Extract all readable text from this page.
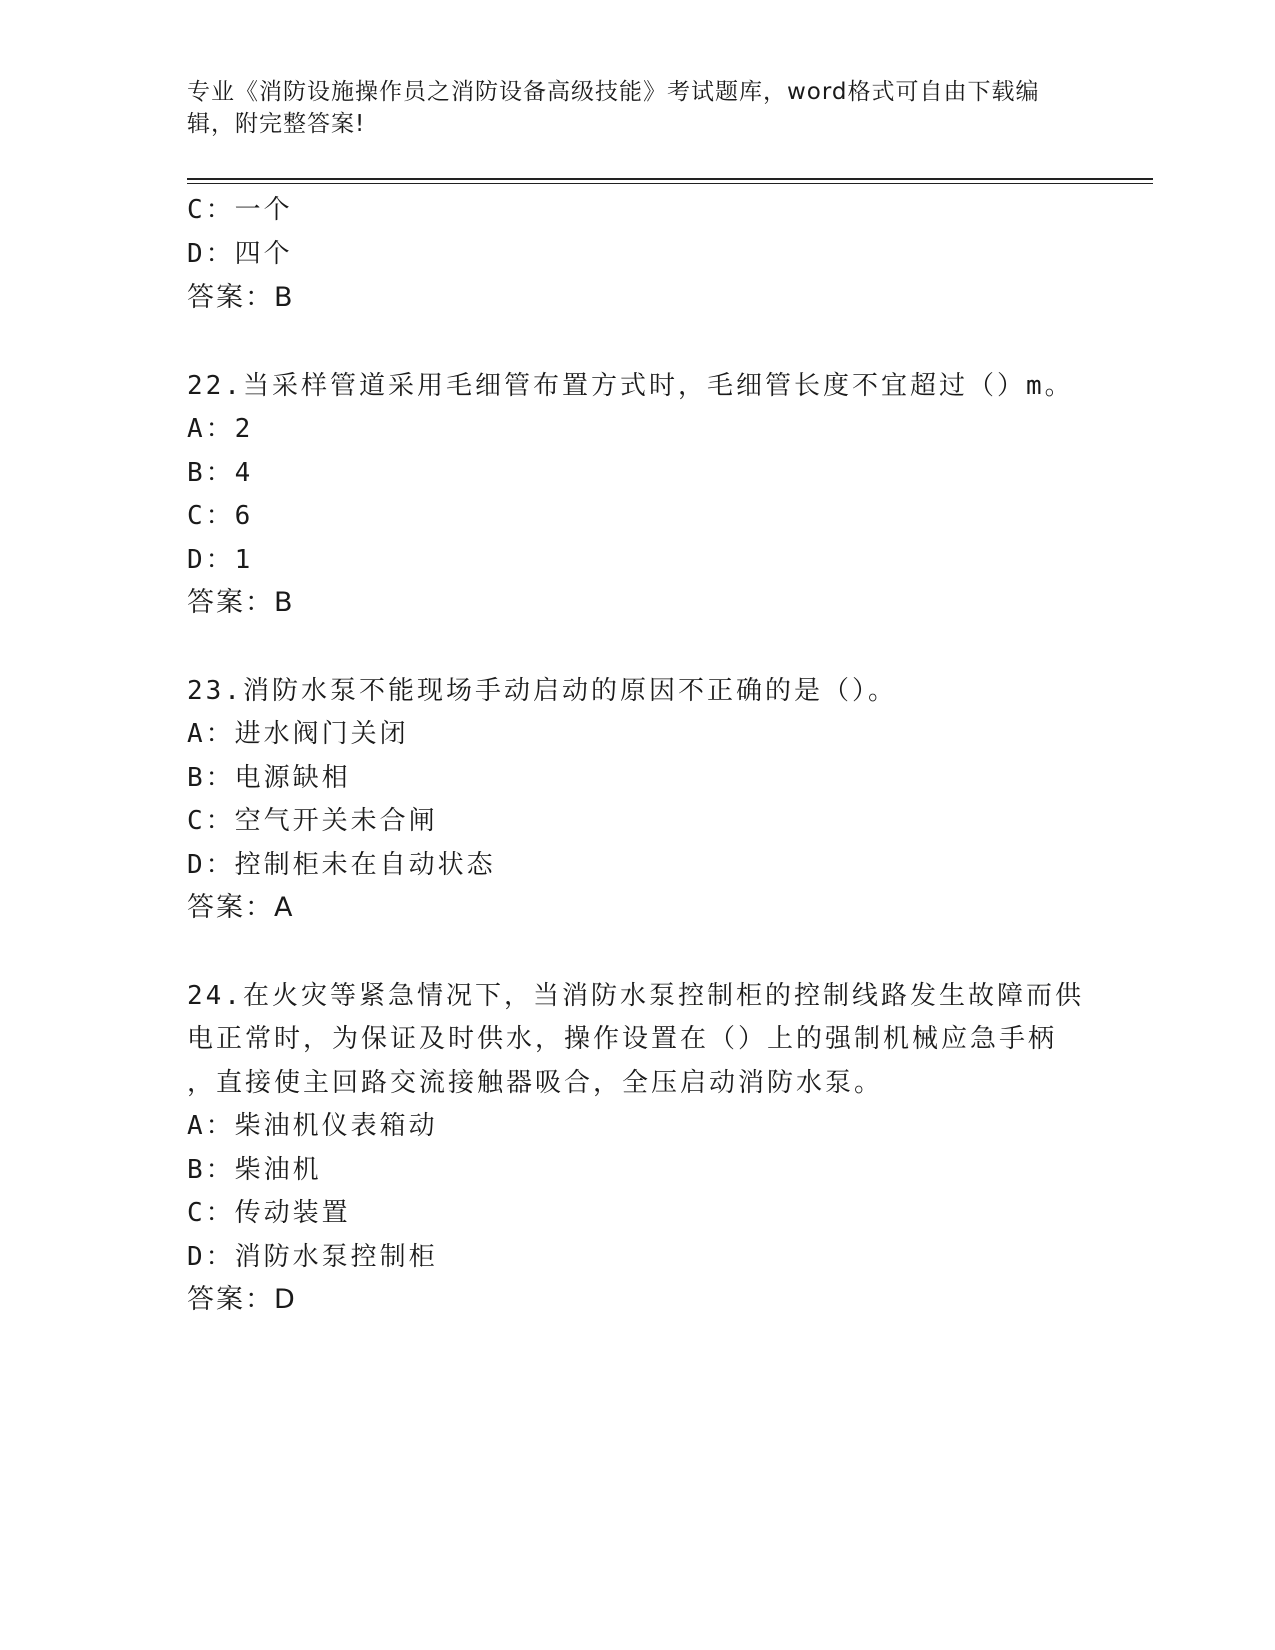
专业《消防设施操作员之消防设备高级技能》考试题库，word格式可自由下载编
辑，附完整答案!
C：一个
D：四个
答案：B
22.当采样管道采用毛细管布置方式时，毛细管长度不宜超过（）m。
A：2
B：4
C：6
D：1
答案：B
23.消防水泵不能现场手动启动的原因不正确的是（）。
A：进水阀门关闭
B：电源缺相
C：空气开关未合闸
D：控制柜未在自动状态
答案：A
24.在火灾等紧急情况下，当消防水泵控制柜的控制线路发生故障而供
电正常时，为保证及时供水，操作设置在（）上的强制机械应急手柄
，直接使主回路交流接触器吸合，全压启动消防水泵。
A：柴油机仪表箱动
B：柴油机
C：传动装置
D：消防水泵控制柜
答案：D
